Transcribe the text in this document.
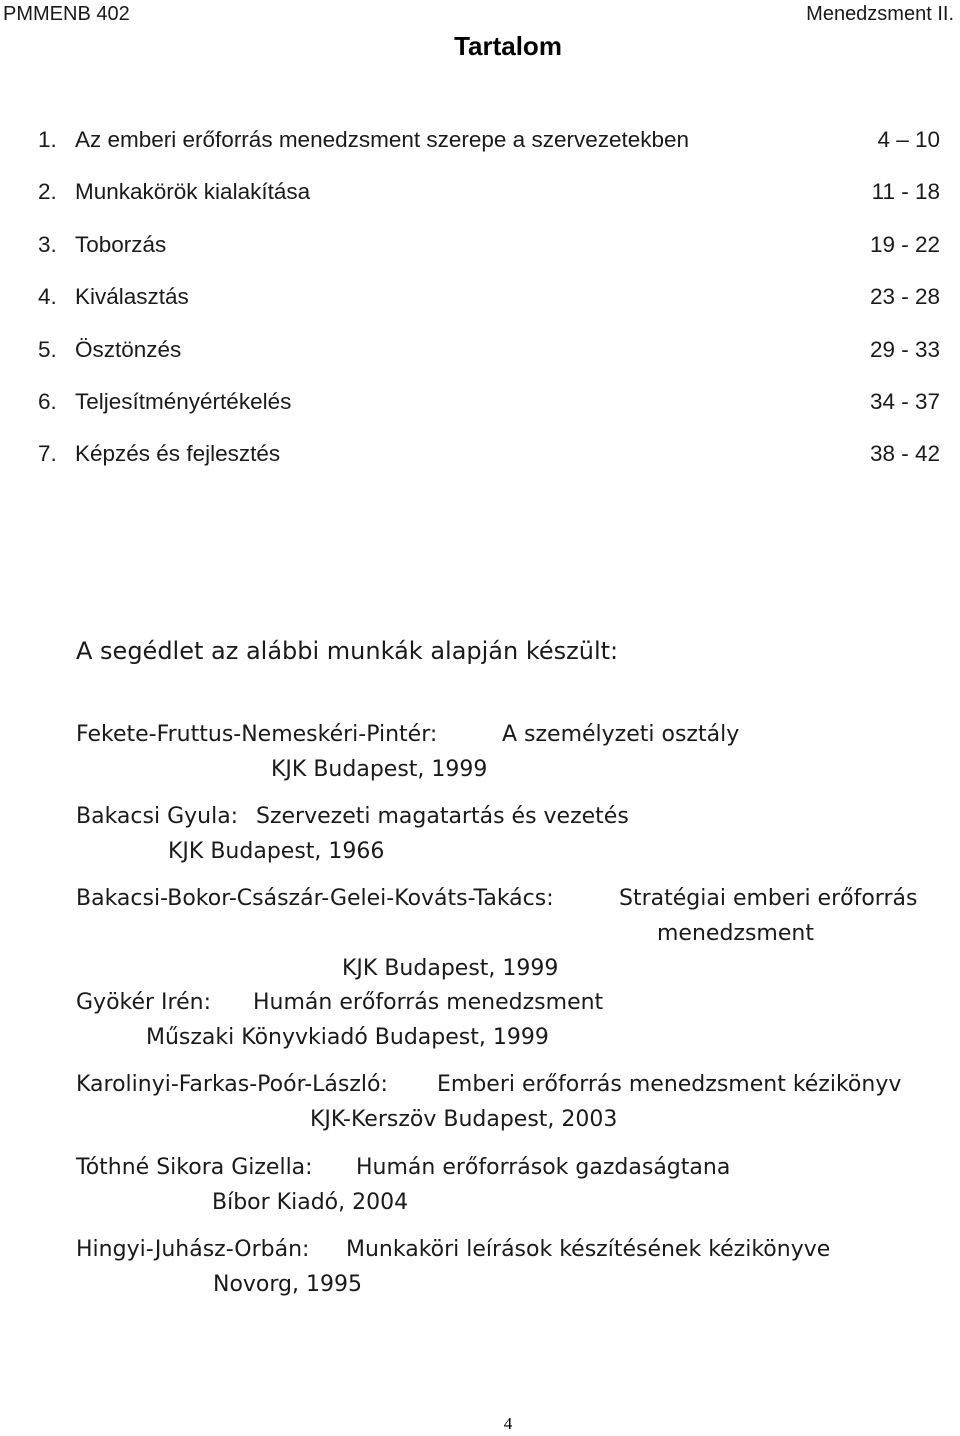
PMMENB 402	Menedzsment II.
Tartalom
1. Az emberi erőforrás menedzsment szerepe a szervezetekben	4 – 10
2. Munkakörök kialakítása	11 - 18
3. Toborzás	19 - 22
4. Kiválasztás	23 - 28
5. Ösztönzés	29 - 33
6. Teljesítményértékelés	34 - 37
7. Képzés és fejlesztés	38 - 42
A segédlet az alábbi munkák alapján készült:
Fekete-Fruttus-Nemeskéri-Pintér:	A személyzeti osztály
KJK Budapest, 1999
Bakacsi Gyula: Szervezeti magatartás és vezetés
KJK Budapest, 1966
Bakacsi-Bokor-Császár-Gelei-Kováts-Takács:	Stratégiai emberi erőforrás
menedzsment
KJK Budapest, 1999
Gyökér Irén: Humán erőforrás menedzsment
Műszaki Könyvkiadó Budapest, 1999
Karolinyi-Farkas-Poór-László: Emberi erőforrás menedzsment kézikönyv
KJK-Kerszöv Budapest, 2003
Tóthné Sikora Gizella: Humán erőforrások gazdaságtana
Bíbor Kiadó, 2004
Hingyi-Juhász-Orbán: Munkaköri leírások készítésének kézikönyve
Novorg, 1995
4
